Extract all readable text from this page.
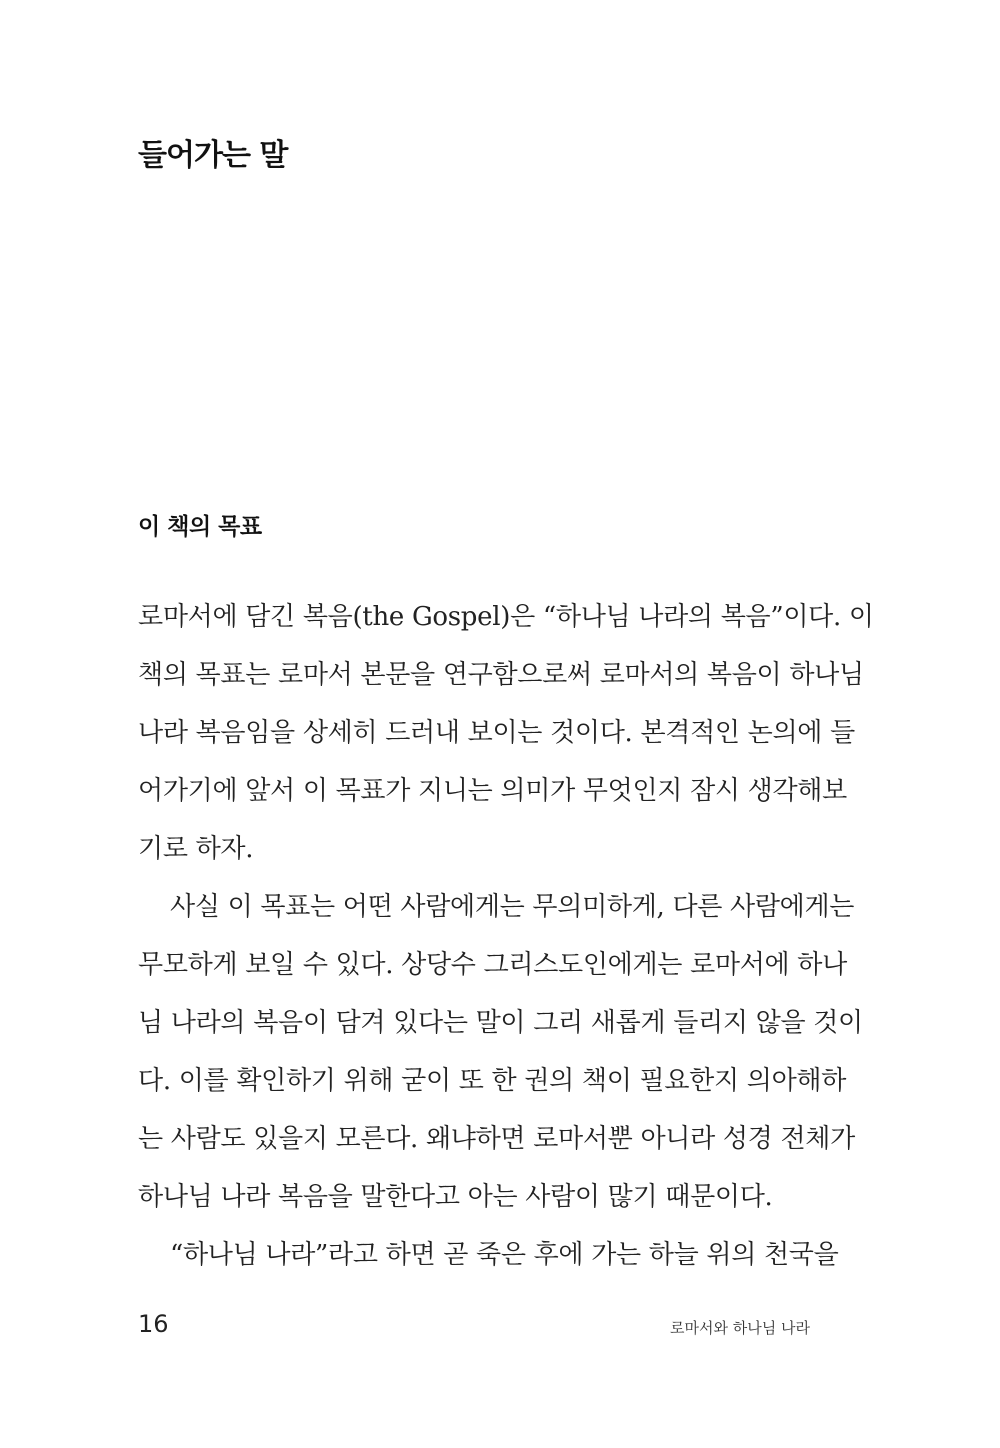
들어가는 말
이 책의 목표
로마서에 담긴 복음(the Gospel)은 “하나님 나라의 복음”이다. 이
책의 목표는 로마서 본문을 연구함으로써 로마서의 복음이 하나님
나라 복음임을 상세히 드러내 보이는 것이다. 본격적인 논의에 들
어가기에 앞서 이 목표가 지니는 의미가 무엇인지 잠시 생각해보
기로 하자.
사실 이 목표는 어떤 사람에게는 무의미하게, 다른 사람에게는
무모하게 보일 수 있다. 상당수 그리스도인에게는 로마서에 하나
님 나라의 복음이 담겨 있다는 말이 그리 새롭게 들리지 않을 것이
다. 이를 확인하기 위해 굳이 또 한 권의 책이 필요한지 의아해하
는 사람도 있을지 모른다. 왜냐하면 로마서뿐 아니라 성경 전체가
하나님 나라 복음을 말한다고 아는 사람이 많기 때문이다.
“하나님 나라”라고 하면 곧 죽은 후에 가는 하늘 위의 천국을
16	로마서와 하나님 나라
